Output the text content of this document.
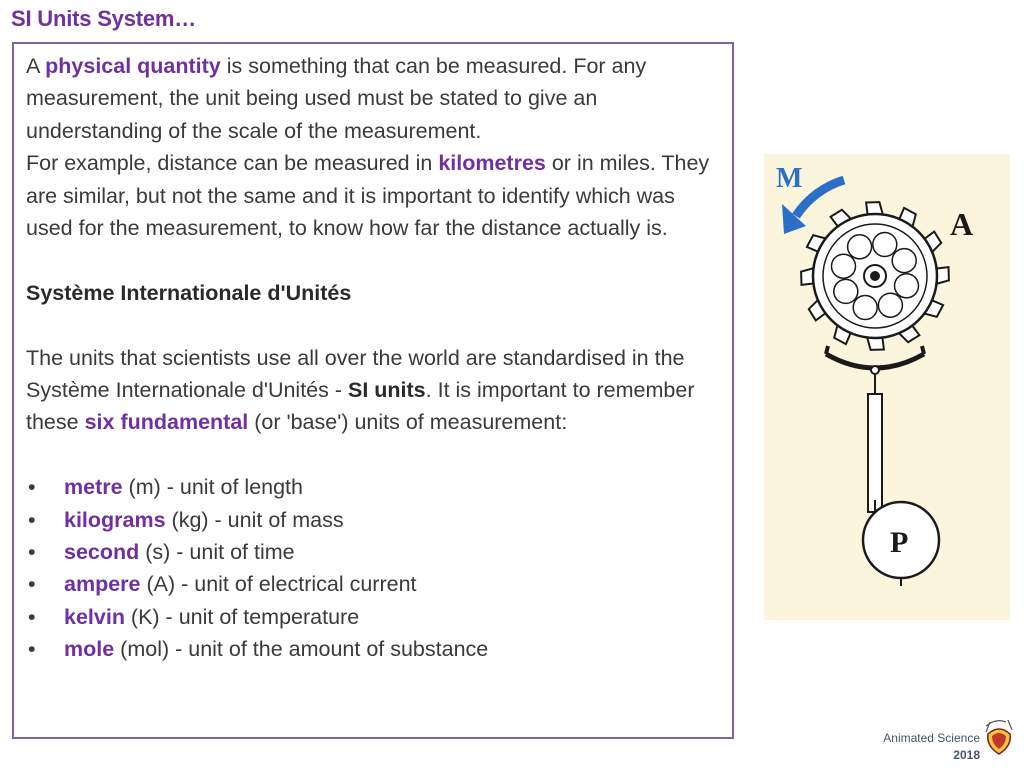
SI Units System…

A physical quantity is something that can be measured. For any measurement, the unit being used must be stated to give an understanding of the scale of the measurement.

For example, distance can be measured in kilometres or in miles. They are similar, but not the same and it is important to identify which was used for the measurement, to know how far the distance actually is.

Système Internationale d'Unités

The units that scientists use all over the world are standardised in the Système Internationale d'Unités - SI units. It is important to remember these six fundamental (or 'base') units of measurement:

• metre (m) - unit of length
• kilograms (kg) - unit of mass
• second (s) - unit of time
• ampere (A) - unit of electrical current
• kelvin (K) - unit of temperature
• mole (mol) - unit of the amount of substance
M
A
P
Animated Science
2018
